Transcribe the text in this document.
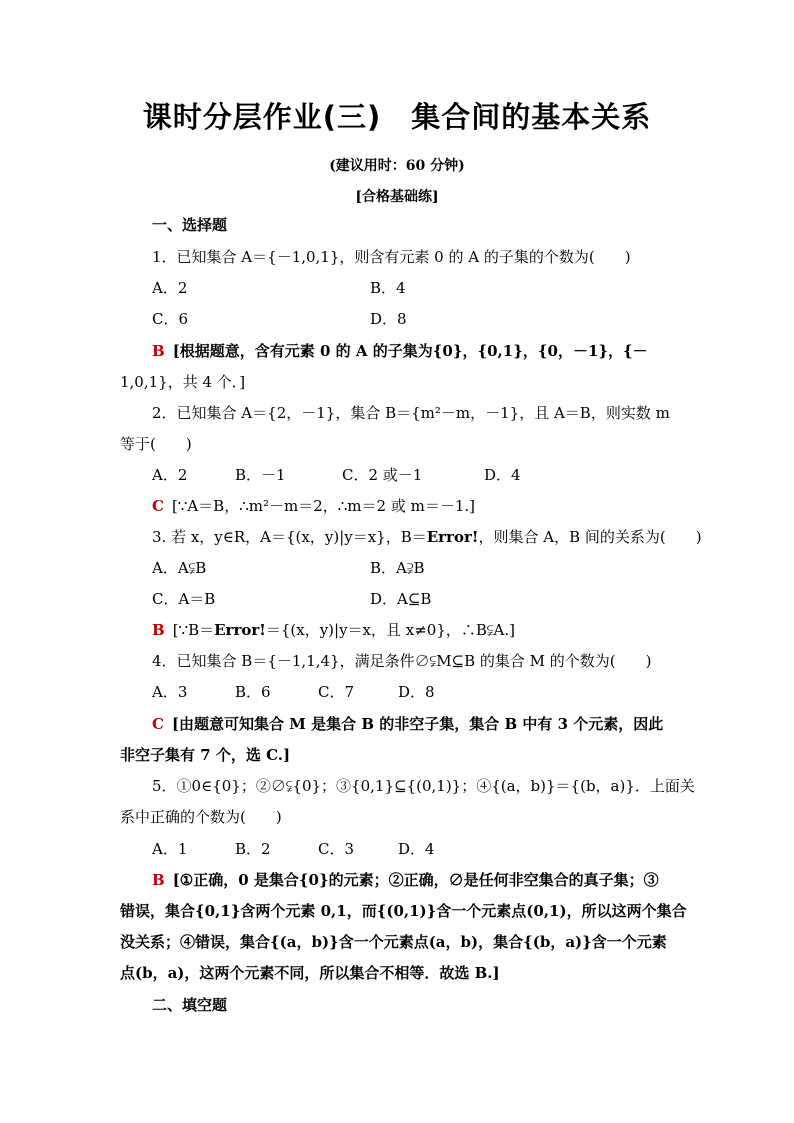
课时分层作业(三) 集合间的基本关系
(建议用时：60 分钟)
[合格基础练]
一、选择题
1．已知集合 A＝{－1,0,1}，则含有元素 0 的 A 的子集的个数为(　　)
A．2	B．4
C．6	D．8
B [根据题意，含有元素 0 的 A 的子集为{0}，{0,1}，{0，－1}，{－
1,0,1}，共 4 个．]
2．已知集合 A＝{2，－1}，集合 B＝{m²－m，－1}，且 A＝B，则实数 m
等于(　　)
A．2	B．－1	C．2 或－1	D．4
C [∵A＝B，∴m²－m＝2，∴m＝2 或 m＝－1.]
3. 若 x，y∈R，A＝{(x，y)|y＝x}，B＝Error!，则集合 A，B 间的关系为(　　)
A．A⫋B	B．A⫌B
C．A＝B	D．A⊆B
B [∵B＝Error!＝{(x，y)|y＝x，且 x≠0}，∴B⫋A.]
4．已知集合 B＝{－1,1,4}，满足条件∅⫋M⊆B 的集合 M 的个数为(　　)
A．3	B．6	C．7	D．8
C [由题意可知集合 M 是集合 B 的非空子集，集合 B 中有 3 个元素，因此
非空子集有 7 个，选 C.]
5．①0∈{0}；②∅⫋{0}；③{0,1}⊆{(0,1)}；④{(a，b)}＝{(b，a)}．上面关
系中正确的个数为(　　)
A．1	B．2	C．3	D．4
B [①正确，0 是集合{0}的元素；②正确，∅是任何非空集合的真子集；③
错误，集合{0,1}含两个元素 0,1，而{(0,1)}含一个元素点(0,1)，所以这两个集合
没关系；④错误，集合{(a，b)}含一个元素点(a，b)，集合{(b，a)}含一个元素
点(b，a)，这两个元素不同，所以集合不相等．故选 B.]
二、填空题
